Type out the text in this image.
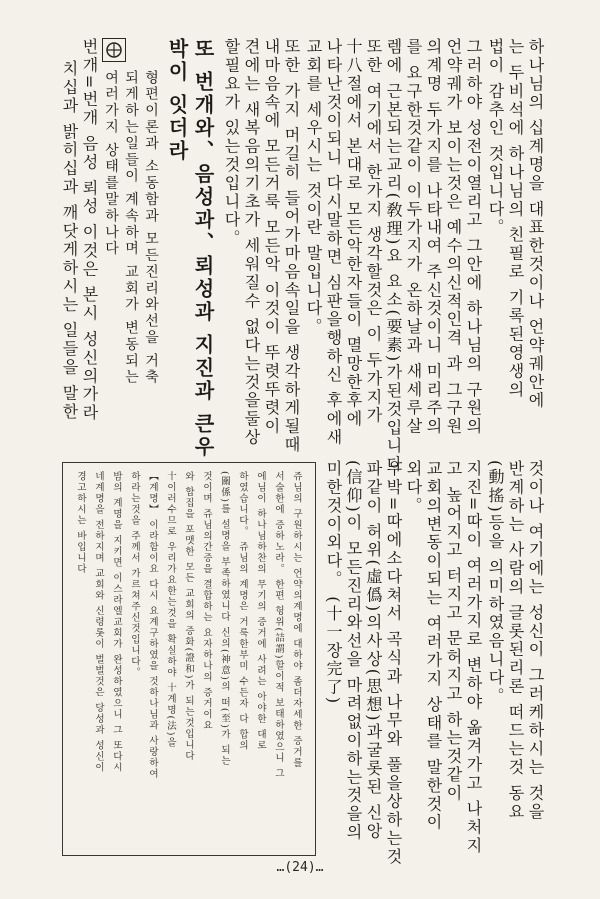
하나님의 십계명을 대표한것이나 언약궤안에
는 두비석에 하나님의 친필로 기록된영생의
법이 감추인 것입니다。
그러하야 성전이열리고 그안에 하나님의 구원의
언약궤가 보이는것은 예수의신적인격 과 그구원
의계명 두가지를 나타내여 주신것이니 미리주의
를 요구한것같이 이두가지가 온하날과 새세루살
렘에 근본되는교리(敎理)요 요소(要素)가된것입니다
또한 여기에서 한가지 생각할것은 이 두가지가
十八절에서 본대로 모든악한자들이 멸망한후에
나타난것이되니 다시말하면 심판을행하신 후에새
교회를 세우시는 것이란 말입니다。
또한 가지 머길히 들어가마음속일을 생각하게될때
내마음속에 모든거룩 모든악 이것이 뚜렷뚜렷이
견에는 새복음의기초가 세워질수 없다는것을둘상
할필요가 있는것입니다。
또 번개와、음성과、뢰성과 지진과 큰우
박이 잇더라
형편이론과 소동함과 모든진리와선을 거축
되게하는일들이 계속하며 교회가 변동되는
여러가지 상태를말하나다
번개=번개 음성 뢰성 이것은 본시 성신의가라
치십과 밝히십과 깨닷게하시는 일들을 말한
것이나 여기에는 성신이 그러케하시는 것을
반계하는 사람의 글롯된리론 떠드는것 동요
(動搖)등을 의미하였음니다。
지진=따이 여러가지로 변하야 옮겨가고 나처지
고 높어지고 터지고 문허지고 하는것같이
교회의변동이되는 여러가지 상태를 말한것이
외다。
우박=따에소다쳐서 곡식과 나무와 풀을상하는것
파같이 허위(虛僞)의사상(思想)과굴롯된 신앙
(信仰)이 모든진리와선을 마려없이하는것을의
미한것이외다。 (十一장完了)
쥬님의 구원하시는 언약의계명에 대하야 좀더자세한 증거를
서술한에 증하노라。 한편 헝위(詰謂)할이적 보태하였으니 그
에님이 하나님하찬의 무기의 증거에 사려는 아야한 대로
하였습니다。 쥬님의 계명은 거룩한부미 수든자 다 합의
(關係)를 설명을 부족하였니다 신의(神意)의 떠(至)가 되는
것이며 쥬님의간증을 결합하는 요자하나의 증거이요
와 합집을 포맷한 모든 교회의 증화(證和)가 되는것입니다
十이러수므로 우리가요한는것을 확실하야 十계명(法)을
【계명】 이라함이요 다시 요계구하였을 것하나님과 사랑하여
하라는것을 주께서 가르쳐주신것입니다。
밤의 계명을 지키면 이스라엘교회가 완성하였으니 그 또다시
네계명을 전하지며 교회와 신령롯이 벌벌것은 당성과 성신이
경고하시는 바입니다
…(24)…
